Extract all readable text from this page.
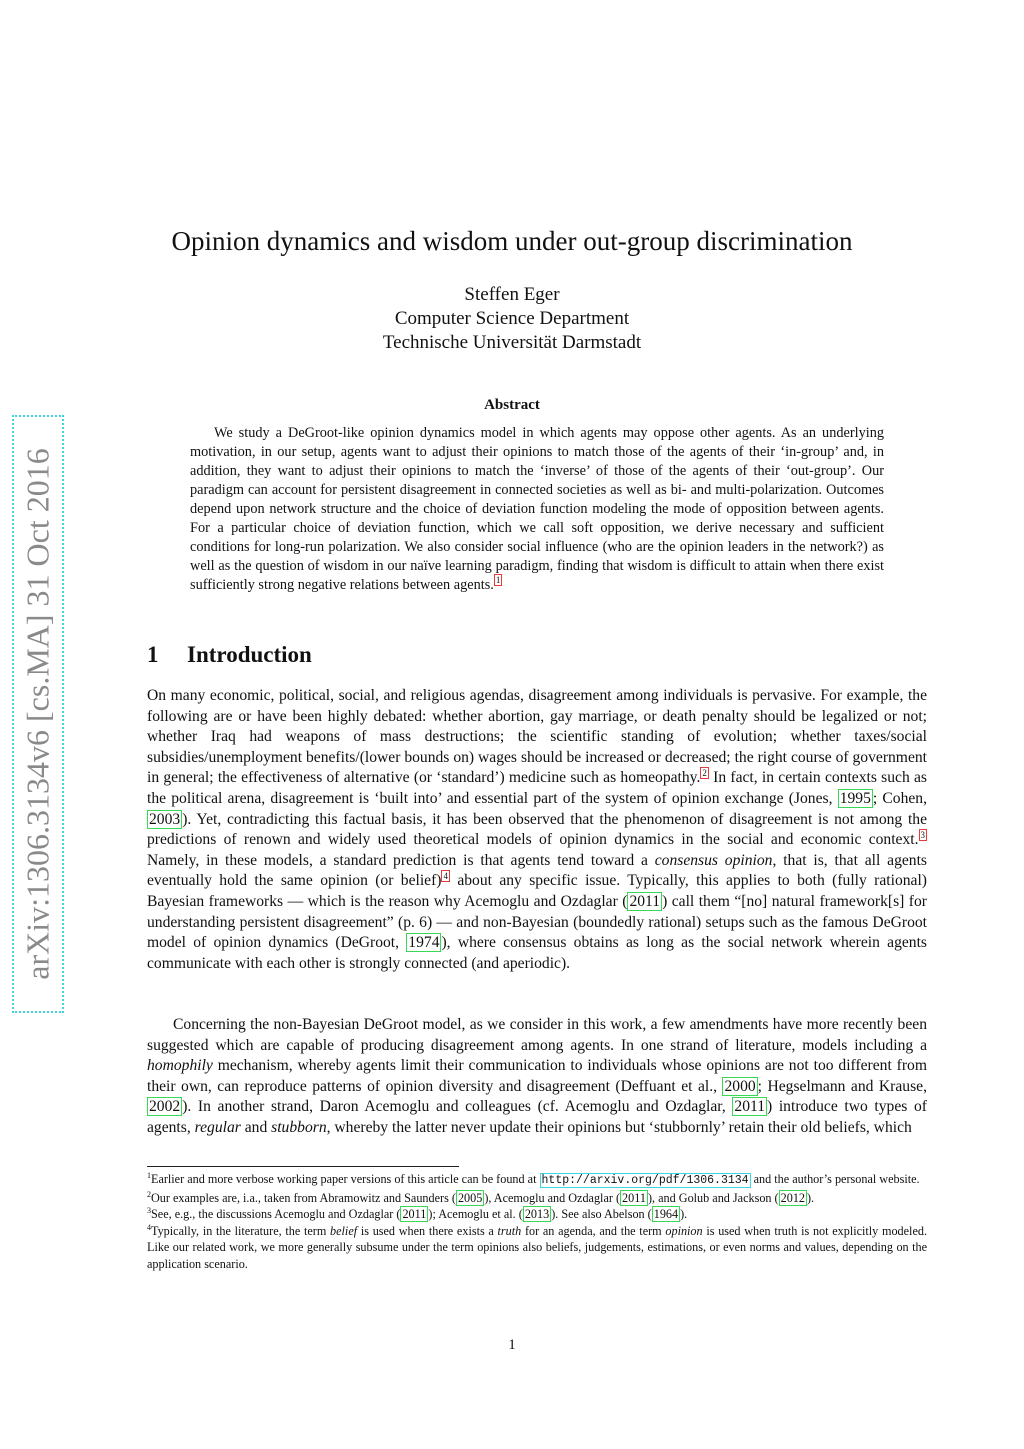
arXiv:1306.3134v6 [cs.MA] 31 Oct 2016
Opinion dynamics and wisdom under out-group discrimination
Steffen Eger
Computer Science Department
Technische Universität Darmstadt
Abstract

We study a DeGroot-like opinion dynamics model in which agents may oppose other agents. As an underlying motivation, in our setup, agents want to adjust their opinions to match those of the agents of their ‘in-group’ and, in addition, they want to adjust their opinions to match the ‘inverse’ of those of the agents of their ‘out-group’. Our paradigm can account for persistent disagreement in connected societies as well as bi- and multi-polarization. Outcomes depend upon network structure and the choice of deviation function modeling the mode of opposition between agents. For a particular choice of deviation function, which we call soft opposition, we derive necessary and sufficient conditions for long-run polarization. We also consider social influence (who are the opinion leaders in the network?) as well as the question of wisdom in our naïve learning paradigm, finding that wisdom is difficult to attain when there exist sufficiently strong negative relations between agents. $^1$

1 Introduction

On many economic, political, social, and religious agendas, disagreement among individuals is pervasive. For example, the following are or have been highly debated: whether abortion, gay marriage, or death penalty should be legalized or not; whether Iraq had weapons of mass destructions; the scientific standing of evolution; whether taxes/social subsidies/unemployment benefits/(lower bounds on) wages should be increased or decreased; the right course of government in general; the effectiveness of alternative (or ‘standard’) medicine such as homeopathy. $^2$ In fact, in certain contexts such as the political arena, disagreement is ‘built into’ and essential part of the system of opinion exchange (Jones, 1995 ; Cohen, 2003 ). Yet, contradicting this factual basis, it has been observed that the phenomenon of disagreement is not among the predictions of renown and widely used theoretical models of opinion dynamics in the social and economic context. $^3$ Namely, in these models, a standard prediction is that agents tend toward a consensus opinion, that is, that all agents eventually hold the same opinion (or belief) $^4$ about any specific issue. Typically, this applies to both (fully rational) Bayesian frameworks — which is the reason why Acemoglu and Ozdaglar ( 2011 ) call them “[no] natural framework[s] for understanding persistent disagreement” (p. 6) — and non-Bayesian (boundedly rational) setups such as the famous DeGroot model of opinion dynamics (DeGroot, 1974 ), where consensus obtains as long as the social network wherein agents communicate with each other is strongly connected (and aperiodic).

Concerning the non-Bayesian DeGroot model, as we consider in this work, a few amendments have more recently been suggested which are capable of producing disagreement among agents. In one strand of literature, models including a homophily mechanism, whereby agents limit their communication to individuals whose opinions are not too different from their own, can reproduce patterns of opinion diversity and disagreement (Deffuant et al., 2000 ; Hegselmann and Krause, 2002 ). In another strand, Daron Acemoglu and colleagues (cf. Acemoglu and Ozdaglar, 2011 ) introduce two types of agents, regular and stubborn, whereby the latter never update their opinions but ‘stubbornly’ retain their old beliefs, which

$^1$Earlier and more verbose working paper versions of this article can be found at http://arxiv.org/pdf/1306.3134 and the author’s personal website.

$^2$Our examples are, i.a., taken from Abramowitz and Saunders ( 2005 ), Acemoglu and Ozdaglar ( 2011 ), and Golub and Jackson ( 2012 ).

$^3$See, e.g., the discussions Acemoglu and Ozdaglar ( 2011 ); Acemoglu et al. ( 2013 ). See also Abelson ( 1964 ).

$^4$Typically, in the literature, the term belief is used when there exists a truth for an agenda, and the term opinion is used when truth is not explicitly modeled. Like our related work, we more generally subsume under the term opinions also beliefs, judgements, estimations, or even norms and values, depending on the application scenario.

1
